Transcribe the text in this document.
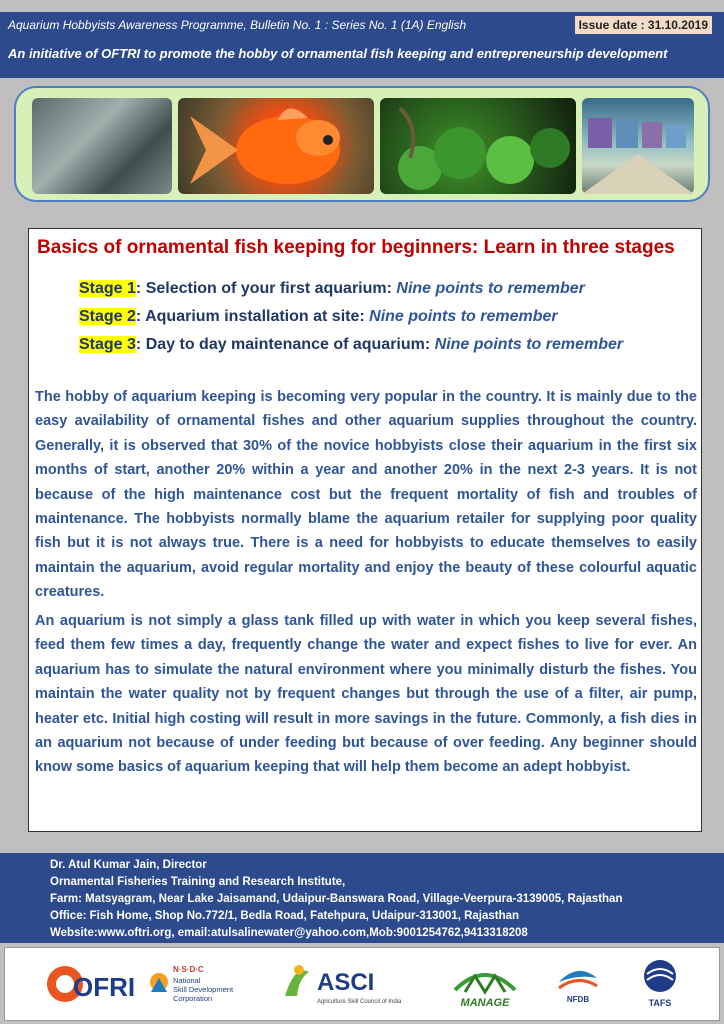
Aquarium Hobbyists Awareness Programme, Bulletin No. 1 : Series No. 1 (1A) English	Issue date : 31.10.2019
An initiative of OFTRI to promote the hobby of ornamental fish keeping and entrepreneurship development
Basics of ornamental fish keeping for beginners: Learn in three stages
Stage 1: Selection of your first aquarium: Nine points to remember
Stage 2: Aquarium installation at site: Nine points to remember
Stage 3: Day to day maintenance of aquarium: Nine points to remember

The hobby of aquarium keeping is becoming very popular in the country. It is mainly due to the easy availability of ornamental fishes and other aquarium supplies throughout the country. Generally, it is observed that 30% of the novice hobbyists close their aquarium in the first six months of start, another 20% within a year and another 20% in the next 2-3 years. It is not because of the high maintenance cost but the frequent mortality of fish and troubles of maintenance. The hobbyists normally blame the aquarium retailer for supplying poor quality fish but it is not always true. There is a need for hobbyists to educate themselves to easily maintain the aquarium, avoid regular mortality and enjoy the beauty of these colourful aquatic creatures.

An aquarium is not simply a glass tank filled up with water in which you keep several fishes, feed them few times a day, frequently change the water and expect fishes to live for ever. An aquarium has to simulate the natural environment where you minimally disturb the fishes. You maintain the water quality not by frequent changes but through the use of a filter, air pump, heater etc. Initial high costing will result in more savings in the future. Commonly, a fish dies in an aquarium not because of under feeding but because of over feeding. Any beginner should know some basics of aquarium keeping that will help them become an adept hobbyist.

Dr. Atul Kumar Jain, Director
Ornamental Fisheries Training and Research Institute,
Farm: Matsyagram, Near Lake Jaisamand, Udaipur-Banswara Road, Village-Veerpura-3139005, Rajasthan
Office: Fish Home, Shop No.772/1, Bedla Road, Fatehpura, Udaipur-313001, Rajasthan
Website:www.oftri.org, email:atulsalinewater@yahoo.com,Mob:9001254762,9413318208
OFRI
N·S·D·C
National
Skill Development
Corporation
ASCI
Agriculture Skill Council of India	MANAGE	NFDB	TAFS
